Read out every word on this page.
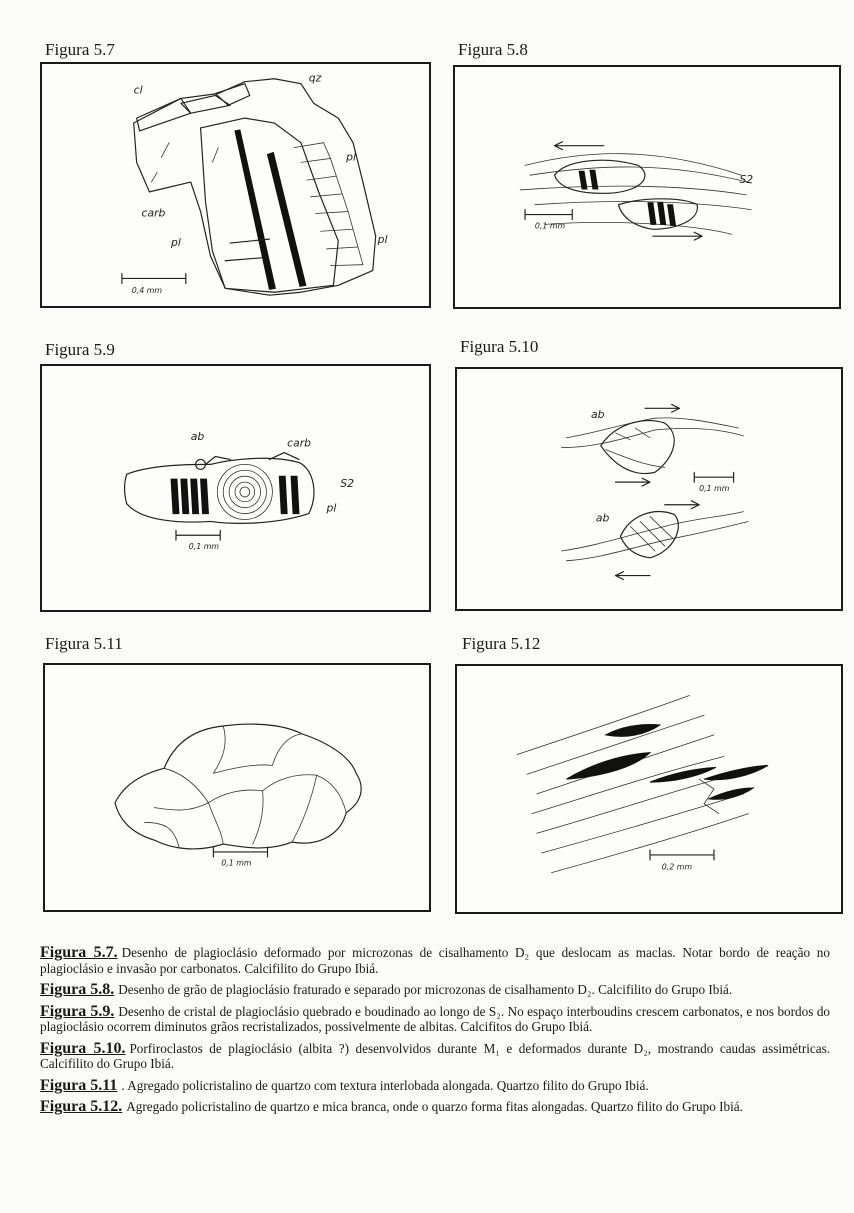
Figura 5.7	Figura 5.8
Figura 5.9	Figura 5.10
Figura 5.11	Figura 5.12
cl
qz
pl
pl	pl
carb
0,4 mm
S2
0,1 mm
ab
carb
S2
pl
0,1 mm
ab
ab
0,1 mm
0,1 mm	0,2 mm

Figura 5.7. Desenho de plagioclásio deformado por microzonas de cisalhamento D₂ que deslocam as maclas. Notar bordo de reação no plagioclásio e invasão por carbonatos. Calcifilito do Grupo Ibiá.

Figura 5.8. Desenho de grão de plagioclásio fraturado e separado por microzonas de cisalhamento D₂. Calcifilito do Grupo Ibiá.

Figura 5.9. Desenho de cristal de plagioclásio quebrado e boudinado ao longo de S₂. No espaço interboudins crescem carbonatos, e nos bordos do plagioclásio ocorrem diminutos grãos recristalizados, possivelmente de albitas. Calcifitos do Grupo Ibiá.

Figura 5.10. Porfiroclastos de plagioclásio (albita ?) desenvolvidos durante M₁ e deformados durante D₂, mostrando caudas assimétricas. Calcifilito do Grupo Ibiá.

Figura 5.11 . Agregado policristalino de quartzo com textura interlobada alongada. Quartzo filito do Grupo Ibiá.

Figura 5.12. Agregado policristalino de quartzo e mica branca, onde o quarzo forma fitas alongadas. Quartzo filito do Grupo Ibiá.
